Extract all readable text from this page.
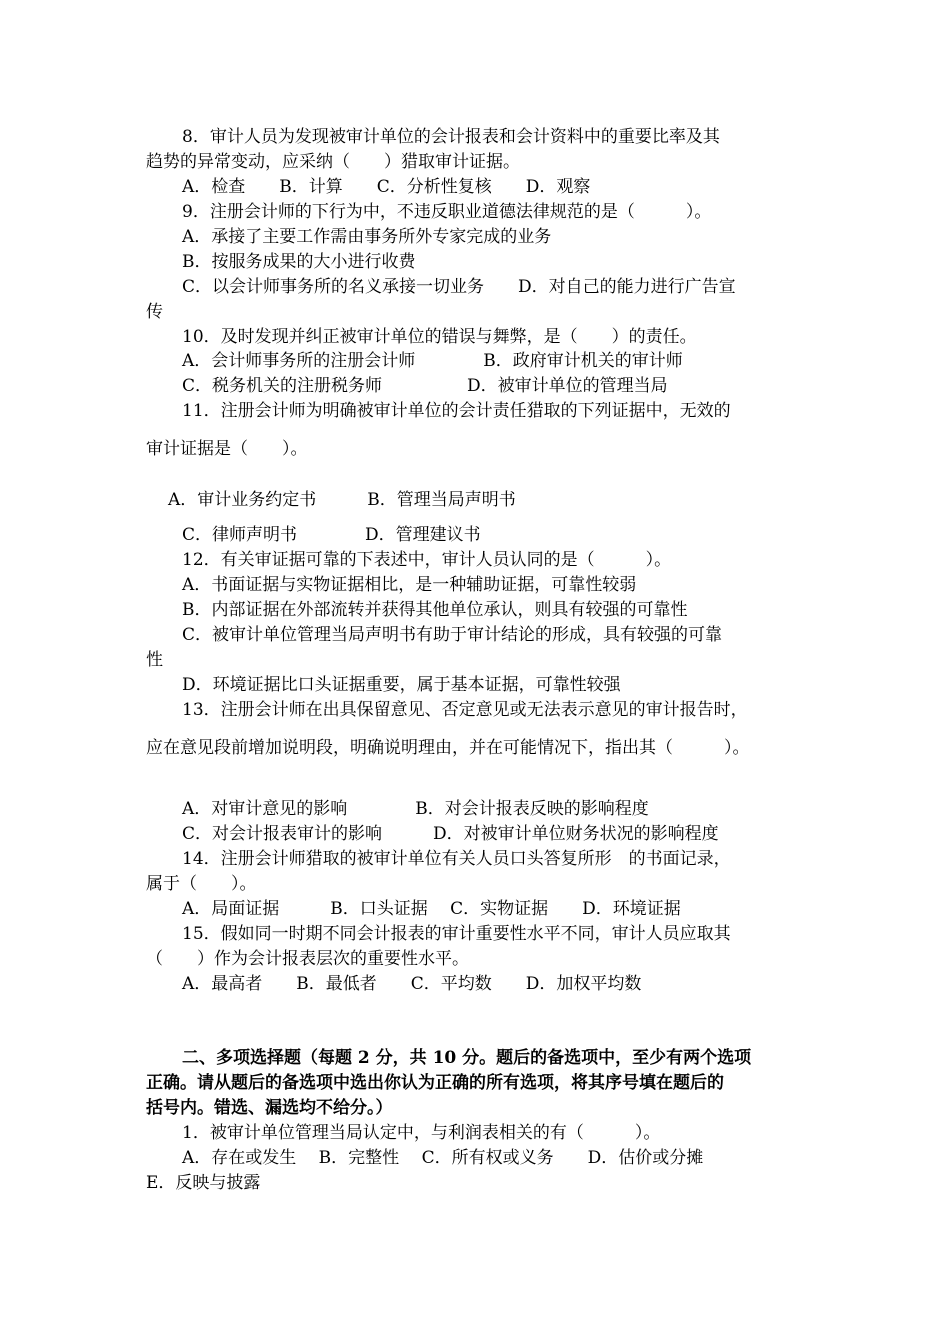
8．审计人员为发现被审计单位的会计报表和会计资料中的重要比率及其
趋势的异常变动，应采纳（　　）猎取审计证据。
A．检查　　B．计算　　C．分析性复核　　D．观察
9．注册会计师的下行为中，不违反职业道德法律规范的是（　　　）。
A．承接了主要工作需由事务所外专家完成的业务
B．按服务成果的大小进行收费
C．以会计师事务所的名义承接一切业务　　D．对自己的能力进行广告宣
传
10．及时发现并纠正被审计单位的错误与舞弊，是（　　）的责任。
A．会计师事务所的注册会计师　　　　B．政府审计机关的审计师
C．税务机关的注册税务师　　　　　D．被审计单位的管理当局
11．注册会计师为明确被审计单位的会计责任猎取的下列证据中，无效的
审计证据是（　　）。
A．审计业务约定书　　　B．管理当局声明书
C．律师声明书　　　　D．管理建议书
12．有关审证据可靠的下表述中，审计人员认同的是（　　　）。
A．书面证据与实物证据相比，是一种辅助证据，可靠性较弱
B．内部证据在外部流转并获得其他单位承认，则具有较强的可靠性
C．被审计单位管理当局声明书有助于审计结论的形成，具有较强的可靠
性
D．环境证据比口头证据重要，属于基本证据，可靠性较强
13．注册会计师在出具保留意见、否定意见或无法表示意见的审计报告时，
应在意见段前增加说明段，明确说明理由，并在可能情况下，指出其（　　　）。
A．对审计意见的影响　　　　B．对会计报表反映的影响程度
C．对会计报表审计的影响　　　D．对被审计单位财务状况的影响程度
14．注册会计师猎取的被审计单位有关人员口头答复所形　的书面记录，
属于（　　）。
A．局面证据　　　B．口头证据　 C．实物证据　　D．环境证据
15．假如同一时期不同会计报表的审计重要性水平不同，审计人员应取其
（　　）作为会计报表层次的重要性水平。
A．最高者　　B．最低者　　C．平均数　　D．加权平均数
二、多项选择题（每题 2 分，共 10 分。题后的备选项中，至少有两个选项
正确。请从题后的备选项中选出你认为正确的所有选项，将其序号填在题后的
括号内。错选、漏选均不给分。）
1．被审计单位管理当局认定中，与利润表相关的有（　　　）。
A．存在或发生　 B．完整性　 C．所有权或义务　　D．估价或分摊
E．反映与披露
